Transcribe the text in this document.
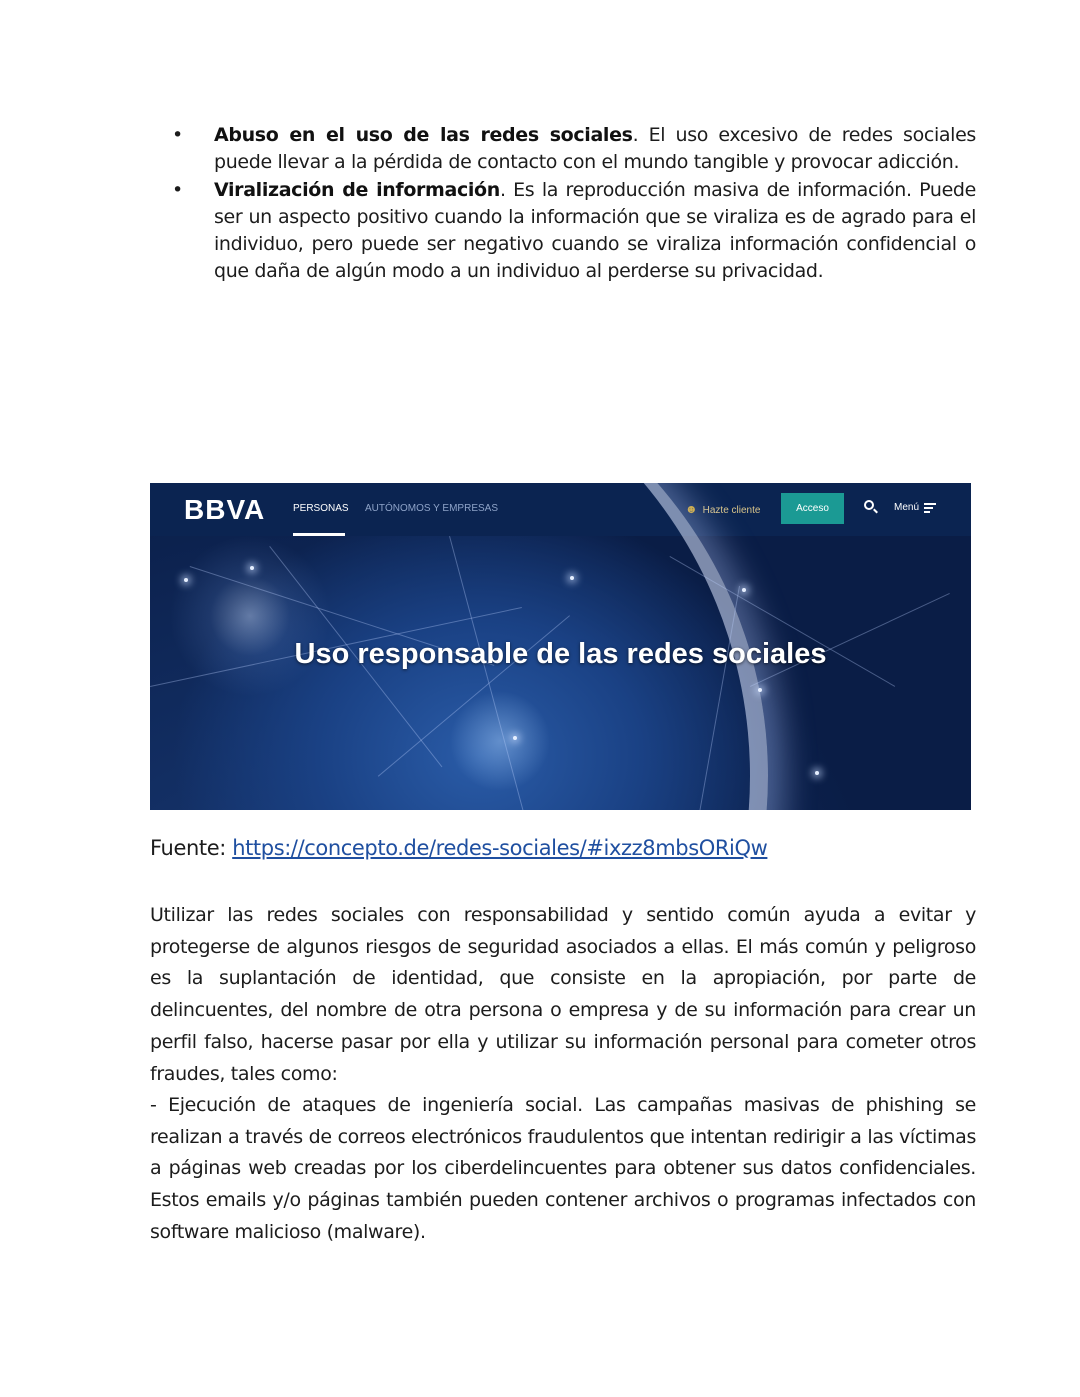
• Abuso en el uso de las redes sociales. El uso excesivo de redes sociales puede llevar a la pérdida de contacto con el mundo tangible y provocar adicción.
• Viralización de información. Es la reproducción masiva de información. Puede ser un aspecto positivo cuando la información que se viraliza es de agrado para el individuo, pero puede ser negativo cuando se viraliza información confidencial o que daña de algún modo a un individuo al perderse su privacidad.
BBVA	PERSONAS AUTÓNOMOS Y EMPRESAS	☻ Hazte cliente	Acceso	Menú
Uso responsable de las redes sociales
Fuente: https://concepto.de/redes-sociales/#ixzz8mbsORiQw

Utilizar las redes sociales con responsabilidad y sentido común ayuda a evitar y protegerse de algunos riesgos de seguridad asociados a ellas. El más común y peligroso es la suplantación de identidad, que consiste en la apropiación, por parte de delincuentes, del nombre de otra persona o empresa y de su información para crear un perfil falso, hacerse pasar por ella y utilizar su información personal para cometer otros fraudes, tales como:

- Ejecución de ataques de ingeniería social. Las campañas masivas de phishing se realizan a través de correos electrónicos fraudulentos que intentan redirigir a las víctimas a páginas web creadas por los ciberdelincuentes para obtener sus datos confidenciales. Estos emails y/o páginas también pueden contener archivos o programas infectados con software malicioso (malware).
